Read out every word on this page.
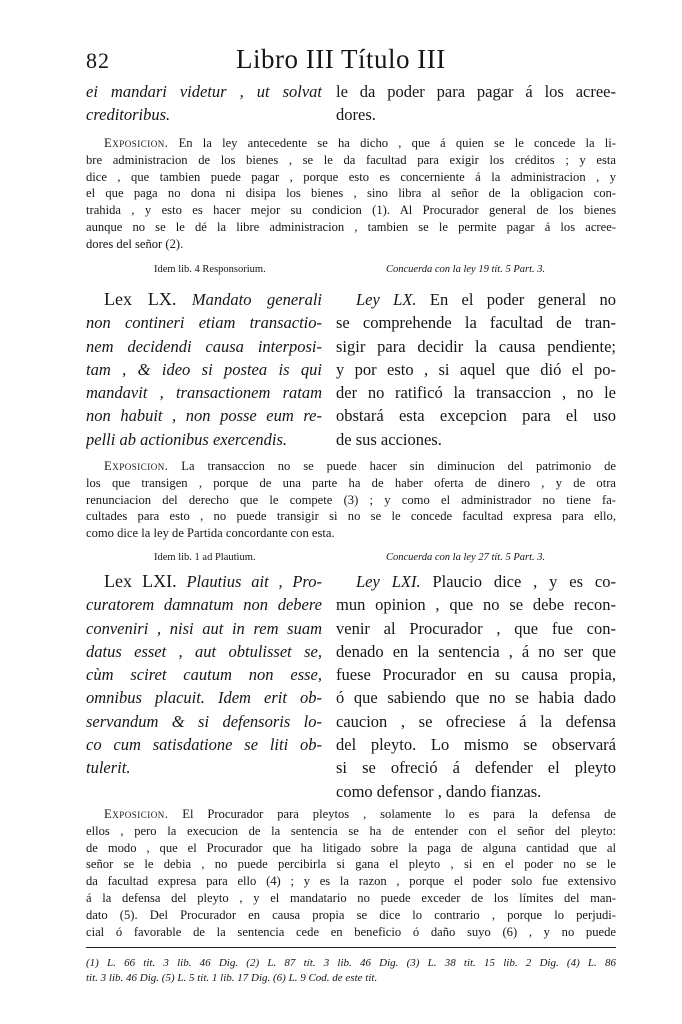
82	Libro III Título III
ei mandari videtur , ut solvat
creditoribus.
le da poder para pagar á los acree-
dores.
Exposicion. En la ley antecedente se ha dicho , que á quien se le concede la li-
bre administracion de los bienes , se le da facultad para exigir los créditos ; y esta
dice , que tambien puede pagar , porque esto es concerniente á la administracion , y
el que paga no dona ni disipa los bienes , sino libra al señor de la obligacion con-
trahida , y esto es hacer mejor su condicion (1). Al Procurador general de los bienes
aunque no se le dé la libre administracion , tambien se le permite pagar á los acree-
dores del señor (2).
Idem lib. 4 Responsorium.	Concuerda con la ley 19 tít. 5 Part. 3.
Lex LX. Mandato generali
non contineri etiam transactio-
nem decidendi causa interposi-
tam , & ideo si postea is qui
mandavit , transactionem ratam
non habuit , non posse eum re-
pelli ab actionibus exercendis.
Ley LX. En el poder general no
se comprehende la facultad de tran-
sigir para decidir la causa pendiente;
y por esto , si aquel que dió el po-
der no ratificó la transaccion , no le
obstará esta excepcion para el uso
de sus acciones.
Exposicion. La transaccion no se puede hacer sin diminucion del patrimonio de
los que transigen , porque de una parte ha de haber oferta de dinero , y de otra
renunciacion del derecho que le compete (3) ; y como el administrador no tiene fa-
cultades para esto , no puede transigir si no se le concede facultad expresa para ello,
como dice la ley de Partida concordante con esta.
Idem lib. 1 ad Plautium.	Concuerda con la ley 27 tít. 5 Part. 3.
Lex LXI. Plautius ait , Pro-
curatorem damnatum non debere
conveniri , nisi aut in rem suam
datus esset , aut obtulisset se,
cùm sciret cautum non esse,
omnibus placuit. Idem erit ob-
servandum & si defensoris lo-
co cum satisdatione se liti ob-
tulerit.
Ley LXI. Plaucio dice , y es co-
mun opinion , que no se debe recon-
venir al Procurador , que fue con-
denado en la sentencia , á no ser que
fuese Procurador en su causa propia,
ó que sabiendo que no se habia dado
caucion , se ofreciese á la defensa
del pleyto. Lo mismo se observará
si se ofreció á defender el pleyto
como defensor , dando fianzas.
Exposicion. El Procurador para pleytos , solamente lo es para la defensa de
ellos , pero la execucion de la sentencia se ha de entender con el señor del pleyto:
de modo , que el Procurador que ha litigado sobre la paga de alguna cantidad que al
señor se le debia , no puede percibirla si gana el pleyto , si en el poder no se le
da facultad expresa para ello (4) ; y es la razon , porque el poder solo fue extensivo
á la defensa del pleyto , y el mandatario no puede exceder de los límites del man-
dato (5). Del Procurador en causa propia se dice lo contrario , porque lo perjudi-
cial ó favorable de la sentencia cede en beneficio ó daño suyo (6) , y no puede
(1) L. 66 tit. 3 lib. 46 Dig. (2) L. 87 tít. 3 lib. 46 Dig. (3) L. 38 tit. 15 lib. 2 Dig. (4) L. 86
tit. 3 lib. 46 Dig. (5) L. 5 tít. 1 lib. 17 Dig. (6) L. 9 Cod. de este tít.
